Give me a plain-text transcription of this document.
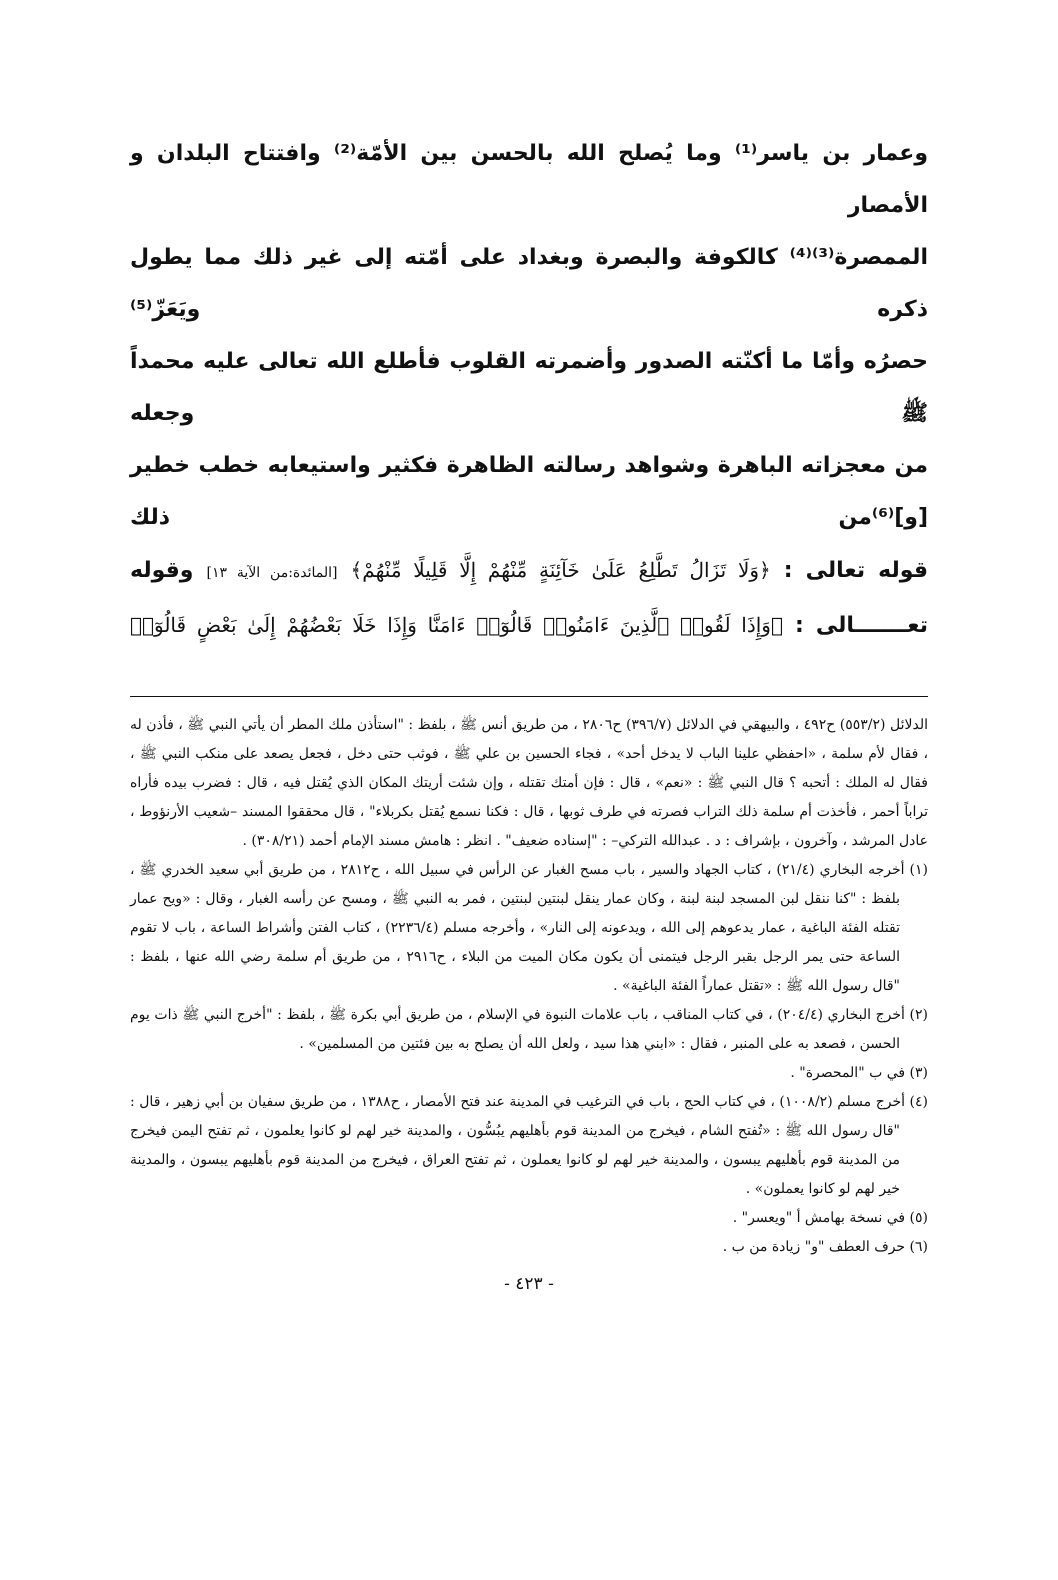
وعمار بن ياسر⁽¹⁾ وما يُصلح الله بالحسن بين الأمّة⁽²⁾ وافتتاح البلدان و الأمصار
الممصرة⁽³⁾⁽⁴⁾ كالكوفة والبصرة وبغداد على أمّته إلى غير ذلك مما يطول ذكره ويَعَزّ⁽⁵⁾
حصرُه وأمّا ما أكنّته الصدور وأضمرته القلوب فأطلع الله تعالى عليه محمداً ﷺ وجعله
من معجزاته الباهرة وشواهد رسالته الظاهرة فكثير واستيعابه خطب خطير [و]⁽⁶⁾من ذلك
قوله تعالى : ﴿وَلَا تَزَالُ تَطَّلِعُ عَلَىٰ خَآئِنَةٍ مِّنْهُمْ إِلَّا قَلِيلًا مِّنْهُمْ﴾ [المائدة:من الآية ١٣] وقوله
تعـــــــالى : ﴿وَإِذَا لَقُوا۟ ٱلَّذِينَ ءَامَنُوا۟ قَالُوٓا۟ ءَامَنَّا وَإِذَا خَلَا بَعْضُهُمْ إِلَىٰ بَعْضٍ قَالُوٓا۟

الدلائل (٥٥٣/٢) ح٤٩٢ ، والبيهقي في الدلائل (٣٩٦/٧) ح٢٨٠٦ ، من طريق أنس ﷺ ، بلفظ : "استأذن ملك المطر أن يأتي النبي ﷺ ، فأذن له ، فقال لأم سلمة ، «احفظي علينا الباب لا يدخل أحد» ، فجاء الحسين بن علي ﷺ ، فوثب حتى دخل ، فجعل يصعد على منكب النبي ﷺ ، فقال له الملك : أتحبه ؟ قال النبي ﷺ : «نعم» ، قال : فإن أمتك تقتله ، وإن شئت أريتك المكان الذي يُقتل فيه ، قال : فضرب بيده فأراه تراباً أحمر ، فأخذت أم سلمة ذلك التراب فصرته في طرف ثوبها ، قال : فكنا نسمع يُقتل بكربلاء" ، قال محققوا المسند –شعيب الأرنؤوط ، عادل المرشد ، وآخرون ، بإشراف : د . عبدالله التركي– : "إسناده ضعيف" . انظر : هامش مسند الإمام أحمد (٣٠٨/٢١) .

(١) أخرجه البخاري (٢١/٤) ، كتاب الجهاد والسير ، باب مسح الغبار عن الرأس في سبيل الله ، ح٢٨١٢ ، من طريق أبي سعيد الخدري ﷺ ، بلفظ : "كنا ننقل لبن المسجد لبنة لبنة ، وكان عمار ينقل لبنتين لبنتين ، فمر به النبي ﷺ ، ومسح عن رأسه الغبار ، وقال : «ويح عمار تقتله الفئة الباغية ، عمار يدعوهم إلى الله ، ويدعونه إلى النار» ، وأخرجه مسلم (٢٢٣٦/٤) ، كتاب الفتن وأشراط الساعة ، باب لا تقوم الساعة حتى يمر الرجل بقبر الرجل فيتمنى أن يكون مكان الميت من البلاء ، ح٢٩١٦ ، من طريق أم سلمة رضي الله عنها ، بلفظ : "قال رسول الله ﷺ : «تقتل عماراً الفئة الباغية» .

(٢) أخرج البخاري (٢٠٤/٤) ، في كتاب المناقب ، باب علامات النبوة في الإسلام ، من طريق أبي بكرة ﷺ ، بلفظ : "أخرج النبي ﷺ ذات يوم الحسن ، فصعد به على المنبر ، فقال : «ابني هذا سيد ، ولعل الله أن يصلح به بين فئتين من المسلمين» .

(٣) في ب "المحصرة" .

(٤) أخرج مسلم (١٠٠٨/٢) ، في كتاب الحج ، باب في الترغيب في المدينة عند فتح الأمصار ، ح١٣٨٨ ، من طريق سفيان بن أبي زهير ، قال : "قال رسول الله ﷺ : «تُفتح الشام ، فيخرج من المدينة قوم بأهليهم يبُسُّون ، والمدينة خير لهم لو كانوا يعلمون ، ثم تفتح اليمن فيخرج من المدينة قوم بأهليهم يبسون ، والمدينة خير لهم لو كانوا يعملون ، ثم تفتح العراق ، فيخرج من المدينة قوم بأهليهم يبسون ، والمدينة خير لهم لو كانوا يعملون» .

(٥) في نسخة بهامش أ "ويعسر" .

(٦) حرف العطف "و" زيادة من ب .

- ٤٢٣ -
